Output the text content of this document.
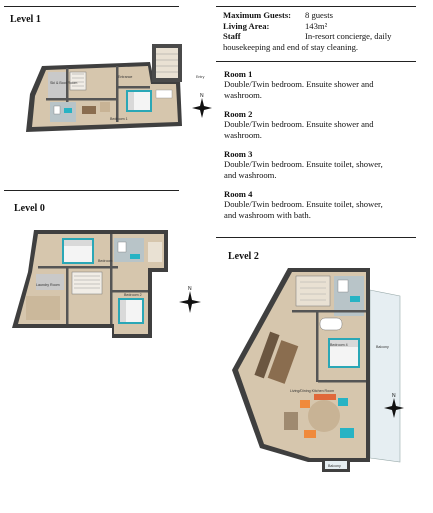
Level 1
Level 0
Level 2
Maximum Guests:	8 guests
Living Area:	143m²
Staff	In-resort concierge, daily
housekeeping and end of stay cleaning.
Room 1
Double/Twin bedroom. Ensuite shower and
washroom.
Room 2
Double/Twin bedroom. Ensuite shower and
washroom.
Room 3
Double/Twin bedroom. Ensuite toilet, shower,
and washroom.
Room 4
Double/Twin bedroom. Ensuite toilet, shower,
and washroom with bath.
Ski & Boot Room
Entrance	Entry
Bedroom 1
N
Bedroom
Laundry Room
Bedroom 2
N
Balcony
Bedroom 4
Living/Dining Kitchen Room
Balcony
N
